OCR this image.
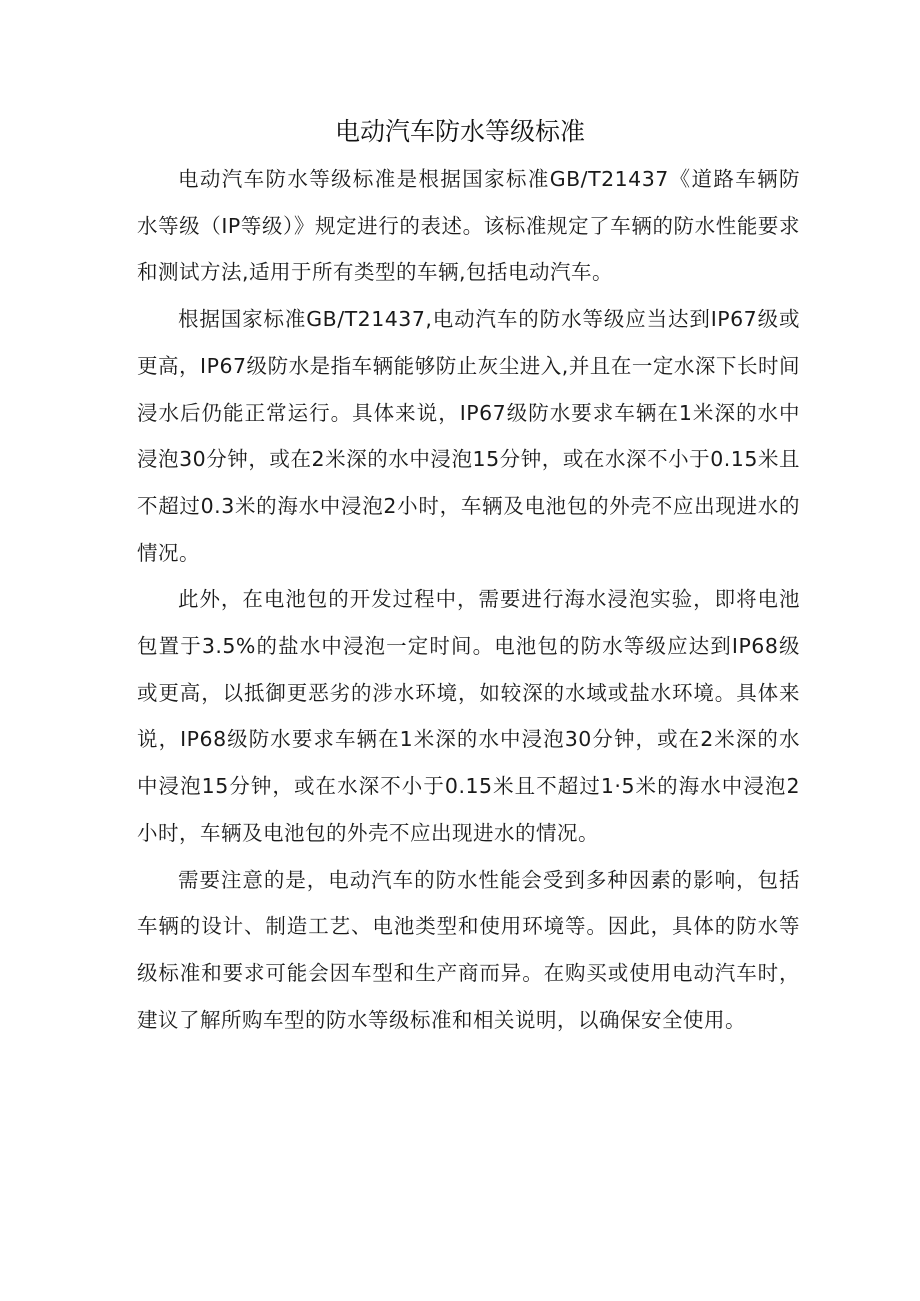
电动汽车防水等级标准

电动汽车防水等级标准是根据国家标准GB/T21437《道路车辆防水等级（IP等级）》规定进行的表述。该标准规定了车辆的防水性能要求和测试方法,适用于所有类型的车辆,包括电动汽车。

根据国家标准GB/T21437,电动汽车的防水等级应当达到IP67级或更高，IP67级防水是指车辆能够防止灰尘进入,并且在一定水深下长时间浸水后仍能正常运行。具体来说，IP67级防水要求车辆在1米深的水中浸泡30分钟，或在2米深的水中浸泡15分钟，或在水深不小于0.15米且不超过0.3米的海水中浸泡2小时，车辆及电池包的外壳不应出现进水的情况。

此外，在电池包的开发过程中，需要进行海水浸泡实验，即将电池包置于3.5%的盐水中浸泡一定时间。电池包的防水等级应达到IP68级或更高，以抵御更恶劣的涉水环境，如较深的水域或盐水环境。具体来说，IP68级防水要求车辆在1米深的水中浸泡30分钟，或在2米深的水中浸泡15分钟，或在水深不小于0.15米且不超过1·5米的海水中浸泡2小时，车辆及电池包的外壳不应出现进水的情况。

需要注意的是，电动汽车的防水性能会受到多种因素的影响，包括车辆的设计、制造工艺、电池类型和使用环境等。因此，具体的防水等级标准和要求可能会因车型和生产商而异。在购买或使用电动汽车时，建议了解所购车型的防水等级标准和相关说明，以确保安全使用。
